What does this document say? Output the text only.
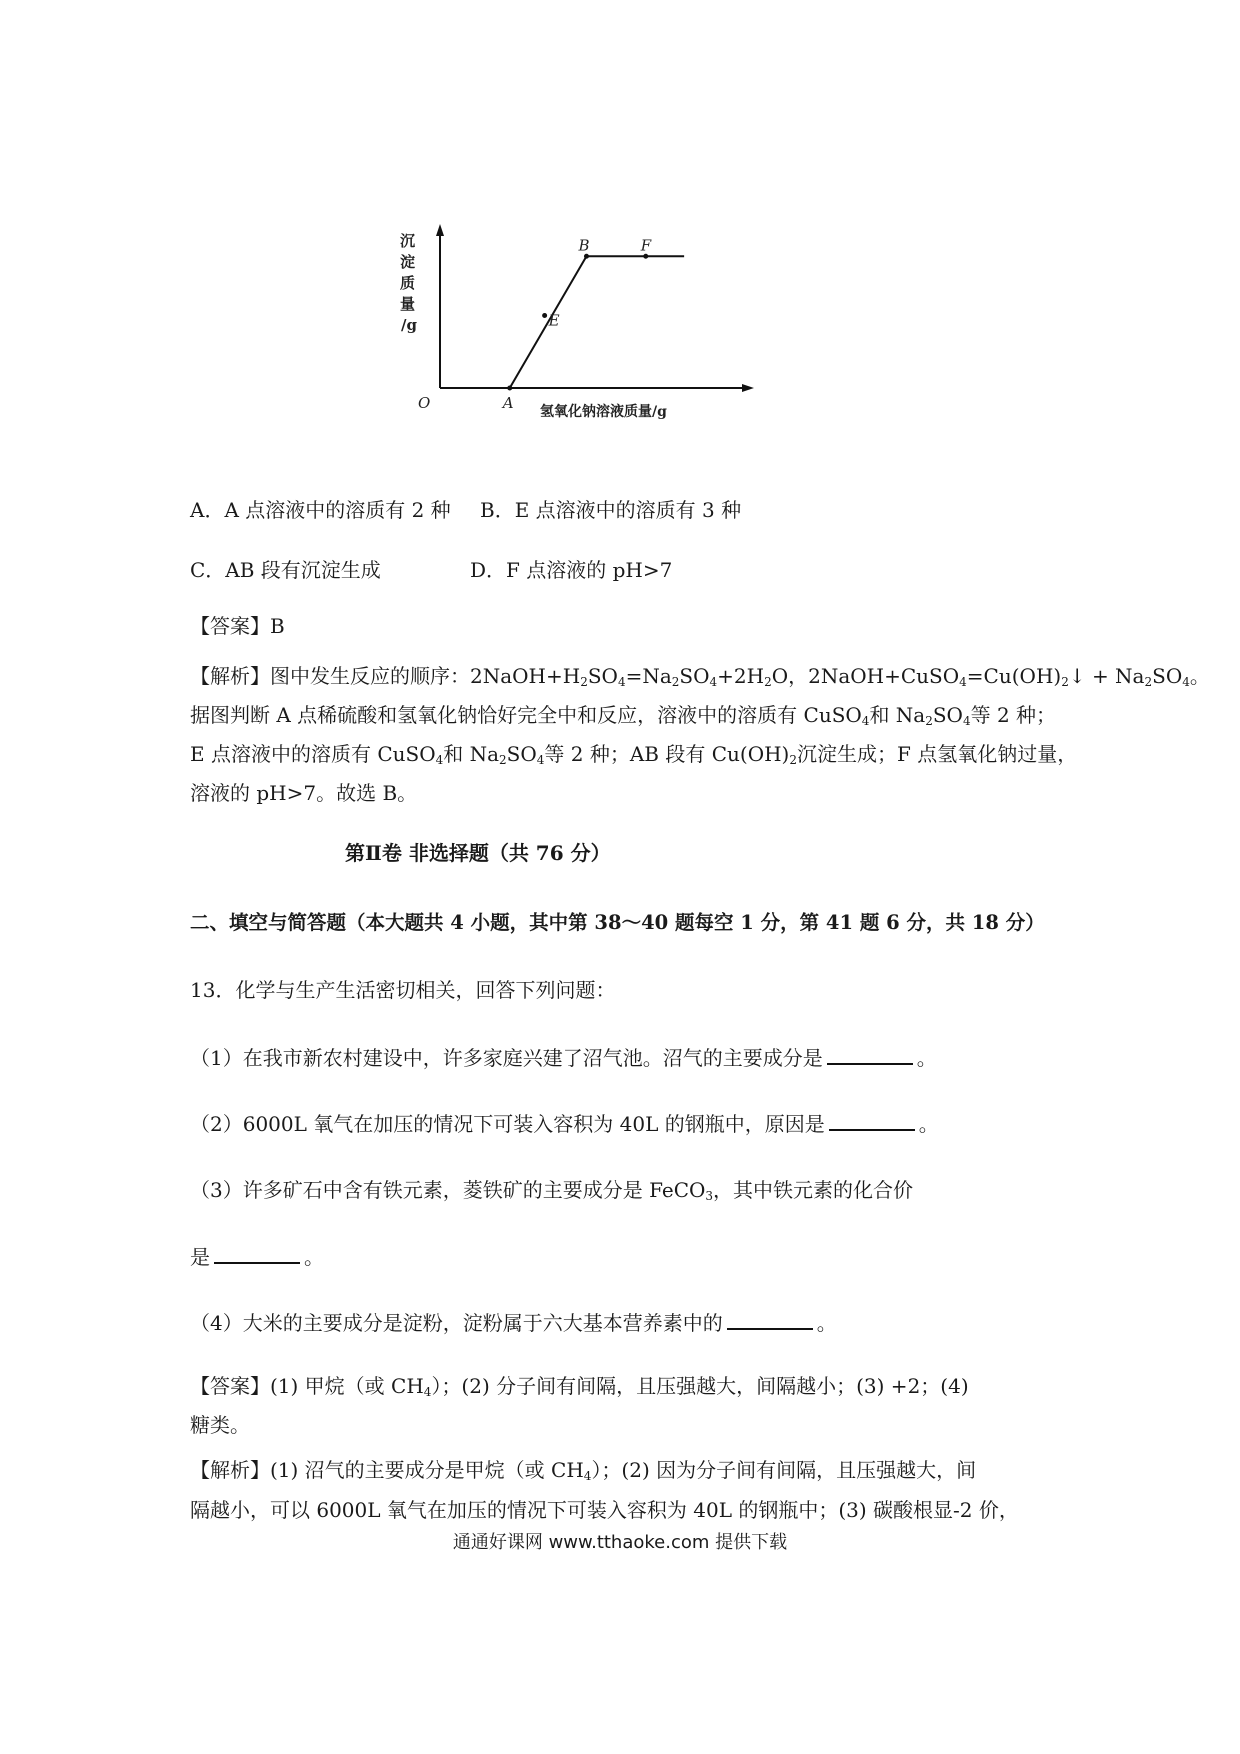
A
E
B	F
O
沉
淀
质
量
/g
氢氧化钠溶液质量/g
A．A 点溶液中的溶质有 2 种 B．E 点溶液中的溶质有 3 种
C．AB 段有沉淀生成	D．F 点溶液的 pH>7
【答案】B
【解析】图中发生反应的顺序：$2NaOH+H_2SO_4=Na_2SO_4+2H_2O$，$2NaOH+CuSO_4=Cu(OH)_2↓ + Na_2SO_4$。
据图判断 A 点稀硫酸和氢氧化钠恰好完全中和反应，溶液中的溶质有 CuSO$_4$和 $Na_2SO_4$等 2 种；
E 点溶液中的溶质有 CuSO$_4$和 $Na_2SO_4$等 2 种；AB 段有 $Cu(OH)_2$沉淀生成；F 点氢氧化钠过量，
溶液的 pH>7。故选 B。
第Ⅱ卷 非选择题（共 76 分）
二、填空与简答题（本大题共 4 小题，其中第 38～40 题每空 1 分，第 41 题 6 分，共 18 分）
13．化学与生产生活密切相关，回答下列问题：
（1）在我市新农村建设中，许多家庭兴建了沼气池。沼气的主要成分是	。
（2）6000L 氧气在加压的情况下可装入容积为 40L 的钢瓶中，原因是	。
（3）许多矿石中含有铁元素，菱铁矿的主要成分是 FeCO$_3$，其中铁元素的化合价
是	。
（4）大米的主要成分是淀粉，淀粉属于六大基本营养素中的	。
【答案】(1) 甲烷（或 $CH_4$）；(2) 分子间有间隔，且压强越大，间隔越小；(3) +2；(4)
糖类。
【解析】(1) 沼气的主要成分是甲烷（或 $CH_4$）；(2) 因为分子间有间隔，且压强越大，间
隔越小，可以 6000L 氧气在加压的情况下可装入容积为 40L 的钢瓶中；(3) 碳酸根显-2 价，
通通好课网 www.tthaoke.com 提供下载
